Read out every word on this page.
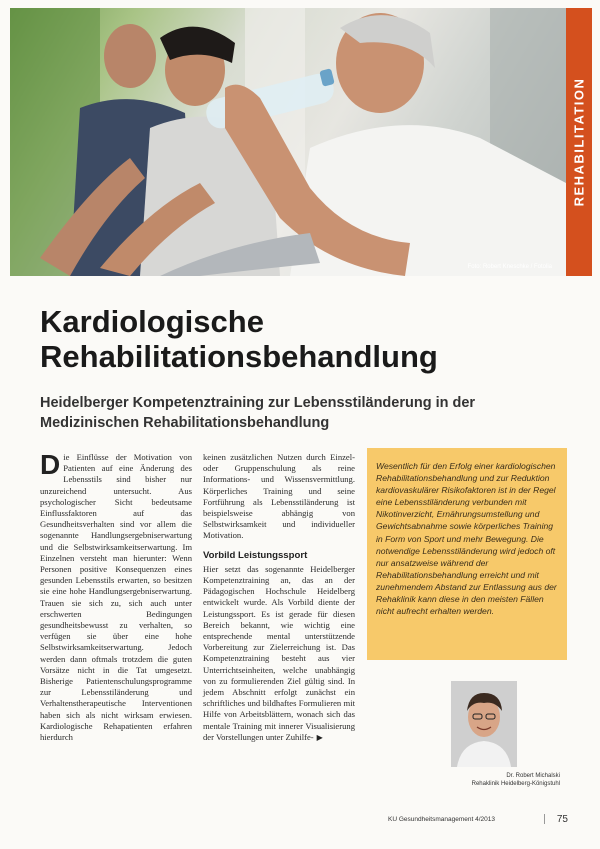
Foto: Robert Kneschke / Fotolia
REHABILITATION
Kardiologische
Rehabilitationsbehandlung
Heidelberger Kompetenztraining zur Lebensstiländerung in der Medizinischen Rehabilitationsbehandlung
Die Einflüsse der Motivation von Patienten auf eine Änderung des Lebensstils sind bisher nur unzureichend untersucht. Aus psychologischer Sicht bedeutsame Einflussfaktoren auf das Gesundheitsverhalten sind vor allem die sogenannte Handlungsergebniserwartung und die Selbstwirksamkeitserwartung. Im Einzelnen versteht man hierunter: Wenn Personen positive Konsequenzen eines gesunden Lebensstils erwarten, so besitzen sie eine hohe Handlungsergebniserwartung. Trauen sie sich zu, sich auch unter erschwerten Bedingungen gesundheitsbewusst zu verhalten, so verfügen sie über eine hohe Selbstwirksamkeitserwartung. Jedoch werden dann oftmals trotzdem die guten Vorsätze nicht in die Tat umgesetzt. Bisherige Patientenschulungsprogramme zur Lebensstiländerung und Verhaltenstherapeutische Interventionen haben sich als nicht wirksam erwiesen. Kardiologische Rehapatienten erfahren hierdurch

keinen zusätzlichen Nutzen durch Einzel- oder Gruppenschulung als reine Informations- und Wissensvermittlung. Körperliches Training und seine Fortführung als Lebensstiländerung ist beispielsweise abhängig von Selbstwirksamkeit und individueller Motivation.

Vorbild Leistungssport

Hier setzt das sogenannte Heidelberger Kompetenztraining an, das an der Pädagogischen Hochschule Heidelberg entwickelt wurde. Als Vorbild diente der Leistungssport. Es ist gerade für diesen Bereich bekannt, wie wichtig eine entsprechende mental unterstützende Vorbereitung zur Zielerreichung ist. Das Kompetenztraining besteht aus vier Unterrichtseinheiten, welche unabhängig von zu formulierenden Ziel gültig sind. In jedem Abschnitt erfolgt zunächst ein schriftliches und bildhaftes Formulieren mit Hilfe von Arbeitsblättern, wonach sich das mentale Training mit innerer Visualisierung der Vorstellungen unter Zuhilfe- ▶

Wesentlich für den Erfolg einer kardiologischen Rehabilitationsbehandlung und zur Reduktion kardiovaskulärer Risikofaktoren ist in der Regel eine Lebensstiländerung verbunden mit Nikotinverzicht, Ernährungsumstellung und Gewichtsabnahme sowie körperliches Training in Form von Sport und mehr Bewegung. Die notwendige Lebensstiländerung wird jedoch oft nur ansatzweise während der Rehabilitationsbehandlung erreicht und mit zunehmendem Abstand zur Entlassung aus der Rehaklinik kann diese in den meisten Fällen nicht aufrecht erhalten werden.

Dr. Robert Michalski
Rehaklinik Heidelberg-Königstuhl
KU Gesundheitsmanagement 4/2013	75
